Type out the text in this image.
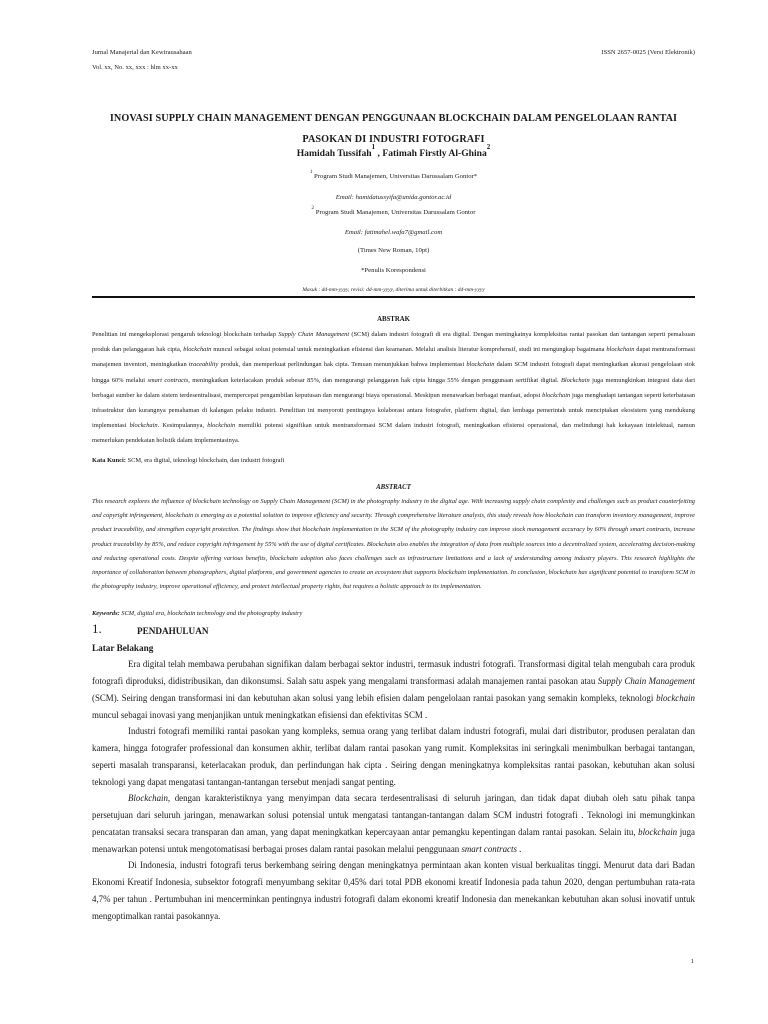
Jurnal Manajerial dan Kewirausahaan
Vol. xx, No. xx, xxx : hlm xx-xx
ISSN 2657-0025 (Versi Elektronik)
INOVASI SUPPLY CHAIN MANAGEMENT DENGAN PENGGUNAAN BLOCKCHAIN DALAM PENGELOLAAN RANTAI PASOKAN DI INDUSTRI FOTOGRAFI
Hamidah Tussifah$^1$ , Fatimah Firstly Al-Ghina$^2$
$^1$ Program Studi Manajemen, Universitas Darussalam Gontor*
Email: hamidatussyifa@unida.gontor.ac.id
$^2$ Program Studi Manajemen, Universitas Darussalam Gontor
Email: fatimahel.wafa7@gmail.com
(Times New Roman, 10pt)
*Penulis Korespondensi
Masuk : dd-mm-yyyy, revisi: dd-mm-yyyy, diterima untuk diterbitkan : dd-mm-yyyy
ABSTRAK
Penelitian ini mengeksplorasi pengaruh teknologi blockchain terhadap Supply Chain Management (SCM) dalam industri fotografi di era digital. Dengan meningkatnya kompleksitas rantai pasokan dan tantangan seperti pemalsuan produk dan pelanggaran hak cipta, blockchain muncul sebagai solusi potensial untuk meningkatkan efisiensi dan keamanan. Melalui analisis literatur komprehensif, studi ini mengungkap bagaimana blockchain dapat mentransformasi manajemen inventori, meningkatkan traceability produk, dan memperkuat perlindungan hak cipta. Temuan menunjukkan bahwa implementasi blockchain dalam SCM industri fotografi dapat meningkatkan akurasi pengelolaan stok hingga 60% melalui smart contracts, meningkatkan keterlacakan produk sebesar 85%, dan mengurangi pelanggaran hak cipta hingga 55% dengan penggunaan sertifikat digital. Blockchain juga memungkinkan integrasi data dari berbagai sumber ke dalam sistem terdesentralisasi, mempercepat pengambilan keputusan dan mengurangi biaya operasional. Meskipun menawarkan berbagai manfaat, adopsi blockchain juga menghadapi tantangan seperti keterbatasan infrastruktur dan kurangnya pemahaman di kalangan pelaku industri. Penelitian ini menyoroti pentingnya kolaborasi antara fotografer, platform digital, dan lembaga pemerintah untuk menciptakan ekosistem yang mendukung implementasi blockchain. Kesimpulannya, blockchain memiliki potensi signifikan untuk mentransformasi SCM dalam industri fotografi, meningkatkan efisiensi operasional, dan melindungi hak kekayaan intelektual, namun memerlukan pendekatan holistik dalam implementasinya.
Kata Kunci: SCM, era digital, teknologi blockchain, dan industri fotografi
ABSTRACT
This research explores the influence of blockchain technology on Supply Chain Management (SCM) in the photography industry in the digital age. With increasing supply chain complexity and challenges such as product counterfeiting and copyright infringement, blockchain is emerging as a potential solution to improve efficiency and security. Through comprehensive literature analysis, this study reveals how blockchain can transform inventory management, improve product traceability, and strengthen copyright protection. The findings show that blockchain implementation in the SCM of the photography industry can improve stock management accuracy by 60% through smart contracts, increase product traceability by 85%, and reduce copyright infringement by 55% with the use of digital certificates. Blockchain also enables the integration of data from multiple sources into a decentralized system, accelerating decision-making and reducing operational costs. Despite offering various benefits, blockchain adoption also faces challenges such as infrastructure limitations and a lack of understanding among industry players. This research highlights the importance of collaboration between photographers, digital platforms, and government agencies to create an ecosystem that supports blockchain implementation. In conclusion, blockchain has significant potential to transform SCM in the photography industry, improve operational efficiency, and protect intellectual property rights, but requires a holistic approach to its implementation.
Keywords: SCM, digital era, blockchain technology and the photography industry
1.	PENDAHULUAN
Latar Belakang
Era digital telah membawa perubahan signifikan dalam berbagai sektor industri, termasuk industri fotografi. Transformasi digital telah mengubah cara produk fotografi diproduksi, didistribusikan, dan dikonsumsi. Salah satu aspek yang mengalami transformasi adalah manajemen rantai pasokan atau Supply Chain Management (SCM). Seiring dengan transformasi ini dan kebutuhan akan solusi yang lebih efisien dalam pengelolaan rantai pasokan yang semakin kompleks, teknologi blockchain muncul sebagai inovasi yang menjanjikan untuk meningkatkan efisiensi dan efektivitas SCM .
Industri fotografi memiliki rantai pasokan yang kompleks, semua orang yang terlibat dalam industri fotografi, mulai dari distributor, produsen peralatan dan kamera, hingga fotografer professional dan konsumen akhir, terlibat dalam rantai pasokan yang rumit. Kompleksitas ini seringkali menimbulkan berbagai tantangan, seperti masalah transparansi, keterlacakan produk, dan perlindungan hak cipta . Seiring dengan meningkatnya kompleksitas rantai pasokan, kebutuhan akan solusi teknologi yang dapat mengatasi tantangan-tantangan tersebut menjadi sangat penting.
Blockchain, dengan karakteristiknya yang menyimpan data secara terdesentralisasi di seluruh jaringan, dan tidak dapat diubah oleh satu pihak tanpa persetujuan dari seluruh jaringan, menawarkan solusi potensial untuk mengatasi tantangan-tantangan dalam SCM industri fotografi . Teknologi ini memungkinkan pencatatan transaksi secara transparan dan aman, yang dapat meningkatkan kepercayaan antar pemangku kepentingan dalam rantai pasokan. Selain itu, blockchain juga menawarkan potensi untuk mengotomatisasi berbagai proses dalam rantai pasokan melalui penggunaan smart contracts .
Di Indonesia, industri fotografi terus berkembang seiring dengan meningkatnya permintaan akan konten visual berkualitas tinggi. Menurut data dari Badan Ekonomi Kreatif Indonesia, subsektor fotografi menyumbang sekitar 0,45% dari total PDB ekonomi kreatif Indonesia pada tahun 2020, dengan pertumbuhan rata-rata 4,7% per tahun . Pertumbuhan ini mencerminkan pentingnya industri fotografi dalam ekonomi kreatif Indonesia dan menekankan kebutuhan akan solusi inovatif untuk mengoptimalkan rantai pasokannya.
1
